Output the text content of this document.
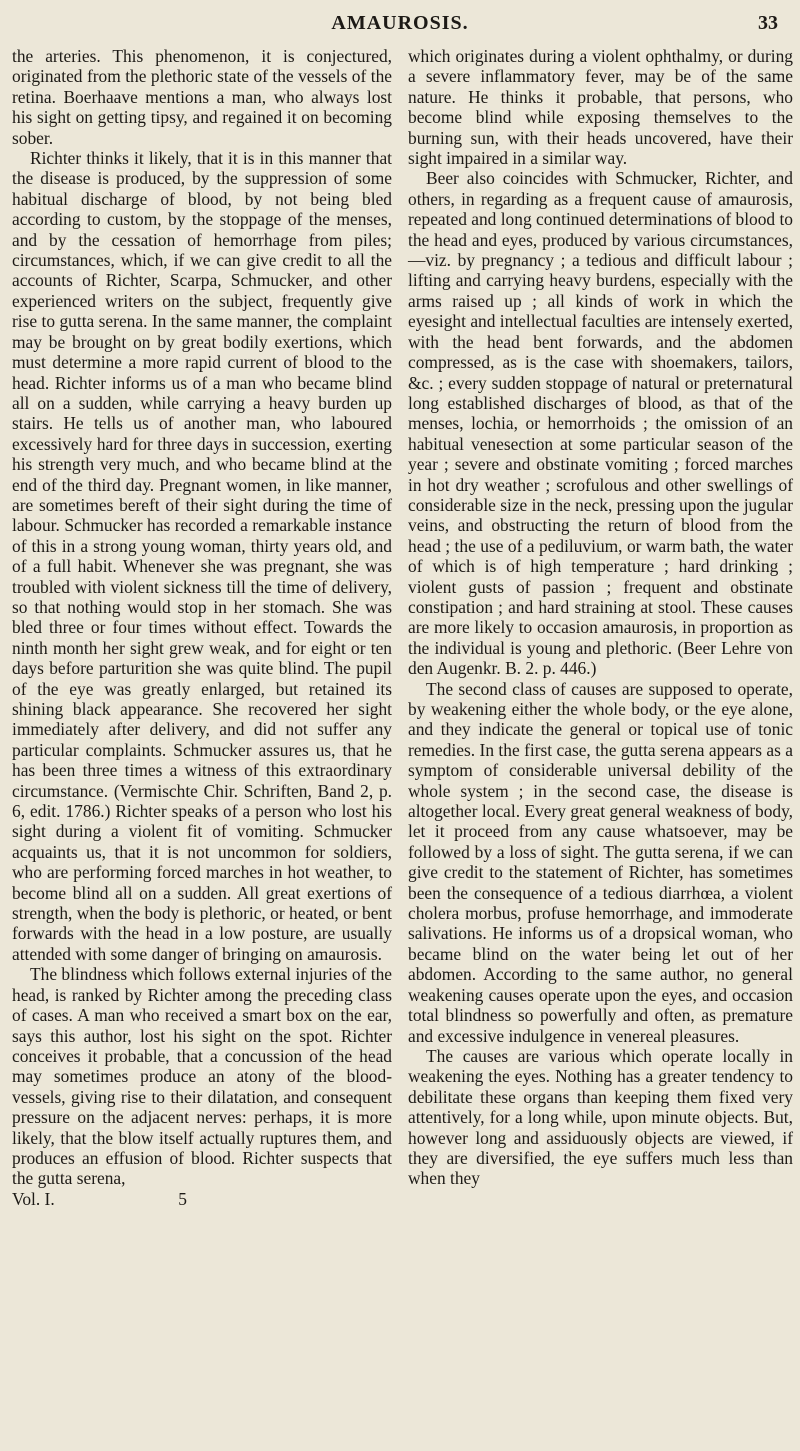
AMAUROSIS.	33

the arteries. This phenomenon, it is conjectured, originated from the plethoric state of the vessels of the retina. Boerhaave mentions a man, who always lost his sight on getting tipsy, and regained it on becoming sober.

Richter thinks it likely, that it is in this manner that the disease is produced, by the suppression of some habitual discharge of blood, by not being bled according to custom, by the stoppage of the menses, and by the cessation of hemorrhage from piles; circumstances, which, if we can give credit to all the accounts of Richter, Scarpa, Schmucker, and other experienced writers on the subject, frequently give rise to gutta serena. In the same manner, the complaint may be brought on by great bodily exertions, which must determine a more rapid current of blood to the head. Richter informs us of a man who became blind all on a sudden, while carrying a heavy burden up stairs. He tells us of another man, who laboured excessively hard for three days in succession, exerting his strength very much, and who became blind at the end of the third day. Pregnant women, in like manner, are sometimes bereft of their sight during the time of labour. Schmucker has recorded a remarkable instance of this in a strong young woman, thirty years old, and of a full habit. Whenever she was pregnant, she was troubled with violent sickness till the time of delivery, so that nothing would stop in her stomach. She was bled three or four times without effect. Towards the ninth month her sight grew weak, and for eight or ten days before parturition she was quite blind. The pupil of the eye was greatly enlarged, but retained its shining black appearance. She recovered her sight immediately after delivery, and did not suffer any particular complaints. Schmucker assures us, that he has been three times a witness of this extraordinary circumstance. (Vermischte Chir. Schriften, Band 2, p. 6, edit. 1786.) Richter speaks of a person who lost his sight during a violent fit of vomiting. Schmucker acquaints us, that it is not uncommon for soldiers, who are performing forced marches in hot weather, to become blind all on a sudden. All great exertions of strength, when the body is plethoric, or heated, or bent forwards with the head in a low posture, are usually attended with some danger of bringing on amaurosis.

The blindness which follows external injuries of the head, is ranked by Richter among the preceding class of cases. A man who received a smart box on the ear, says this author, lost his sight on the spot. Richter conceives it probable, that a concussion of the head may sometimes produce an atony of the blood-vessels, giving rise to their dilatation, and consequent pressure on the adjacent nerves: perhaps, it is more likely, that the blow itself actually ruptures them, and produces an effusion of blood. Richter suspects that the gutta serena,

Vol. I.	5

which originates during a violent ophthalmy, or during a severe inflammatory fever, may be of the same nature. He thinks it probable, that persons, who become blind while exposing themselves to the burning sun, with their heads uncovered, have their sight impaired in a similar way.

Beer also coincides with Schmucker, Richter, and others, in regarding as a frequent cause of amaurosis, repeated and long continued determinations of blood to the head and eyes, produced by various circumstances,—viz. by pregnancy ; a tedious and difficult labour ; lifting and carrying heavy burdens, especially with the arms raised up ; all kinds of work in which the eyesight and intellectual faculties are intensely exerted, with the head bent forwards, and the abdomen compressed, as is the case with shoemakers, tailors, &c. ; every sudden stoppage of natural or preternatural long established discharges of blood, as that of the menses, lochia, or hemorrhoids ; the omission of an habitual venesection at some particular season of the year ; severe and obstinate vomiting ; forced marches in hot dry weather ; scrofulous and other swellings of considerable size in the neck, pressing upon the jugular veins, and obstructing the return of blood from the head ; the use of a pediluvium, or warm bath, the water of which is of high temperature ; hard drinking ; violent gusts of passion ; frequent and obstinate constipation ; and hard straining at stool. These causes are more likely to occasion amaurosis, in proportion as the individual is young and plethoric. (Beer Lehre von den Augenkr. B. 2. p. 446.)

The second class of causes are supposed to operate, by weakening either the whole body, or the eye alone, and they indicate the general or topical use of tonic remedies. In the first case, the gutta serena appears as a symptom of considerable universal debility of the whole system ; in the second case, the disease is altogether local. Every great general weakness of body, let it proceed from any cause whatsoever, may be followed by a loss of sight. The gutta serena, if we can give credit to the statement of Richter, has sometimes been the consequence of a tedious diarrhœa, a violent cholera morbus, profuse hemorrhage, and immoderate salivations. He informs us of a dropsical woman, who became blind on the water being let out of her abdomen. According to the same author, no general weakening causes operate upon the eyes, and occasion total blindness so powerfully and often, as premature and excessive indulgence in venereal pleasures.

The causes are various which operate locally in weakening the eyes. Nothing has a greater tendency to debilitate these organs than keeping them fixed very attentively, for a long while, upon minute objects. But, however long and assiduously objects are viewed, if they are diversified, the eye suffers much less than when they
